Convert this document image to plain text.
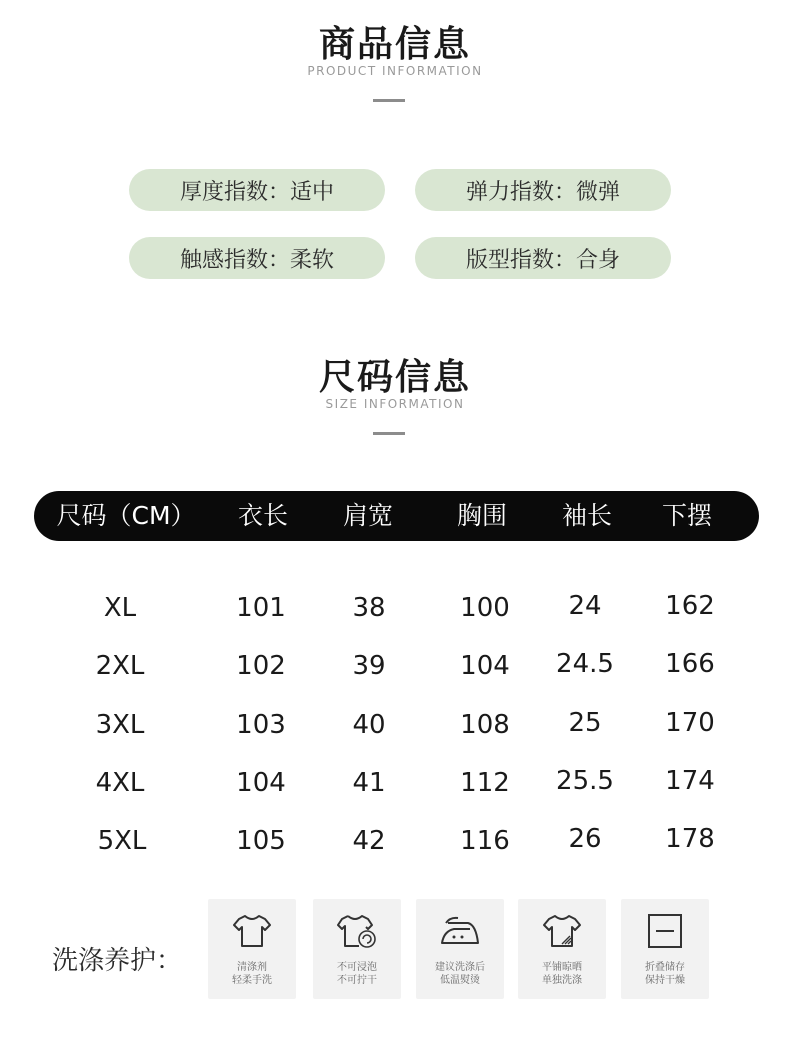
商品信息
PRODUCT INFORMATION
厚度指数：适中	弹力指数：微弹
触感指数：柔软	版型指数：合身
尺码信息
SIZE INFORMATION
尺码（CM） 衣长 肩宽	胸围 袖长 下摆
XL	101	38	100 24 162
2XL	102	39	104 24.5 166
3XL	103	40	108 25 170
4XL	104	41	112 25.5 174
5XL	105	42	116 26 178
洗涤养护：	清涤剂
轻柔手洗
不可浸泡
不可拧干
建议洗涤后
低温熨烫
平铺晾晒
单独洗涤
折叠储存
保持干燥
